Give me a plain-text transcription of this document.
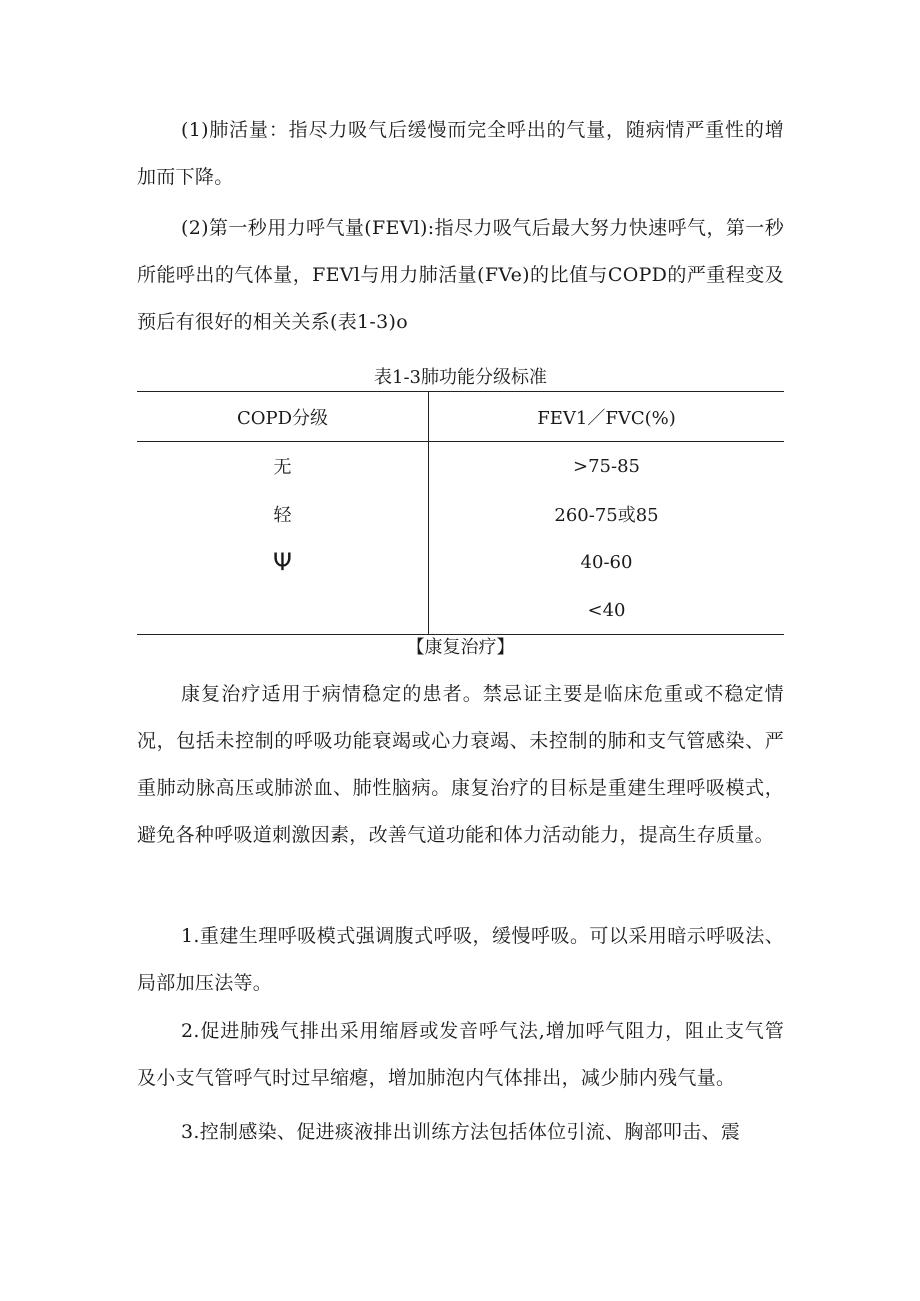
(1)肺活量：指尽力吸气后缓慢而完全呼出的气量，随病情严重性的增加而下降。

(2)第一秒用力呼气量(FEVl):指尽力吸气后最大努力快速呼气，第一秒所能呼出的气体量，FEVl与用力肺活量(FVe)的比值与COPD的严重程变及预后有很好的相关关系(表1-3)o

表1-3肺功能分级标准

COPD分级	FEV1／FVC(%)
无	>75-85
轻	260-75或85
Ψ	40-60
	<40

【康复治疗】

康复治疗适用于病情稳定的患者。禁忌证主要是临床危重或不稳定情况，包括未控制的呼吸功能衰竭或心力衰竭、未控制的肺和支气管感染、严重肺动脉高压或肺淤血、肺性脑病。康复治疗的目标是重建生理呼吸模式，避免各种呼吸道刺激因素，改善气道功能和体力活动能力，提高生存质量。

1.重建生理呼吸模式强调腹式呼吸，缓慢呼吸。可以采用暗示呼吸法、局部加压法等。

2.促进肺残气排出采用缩唇或发音呼气法,增加呼气阻力，阻止支气管及小支气管呼气时过早缩瘪，增加肺泡内气体排出，减少肺内残气量。

3.控制感染、促进痰液排出训练方法包括体位引流、胸部叩击、震
